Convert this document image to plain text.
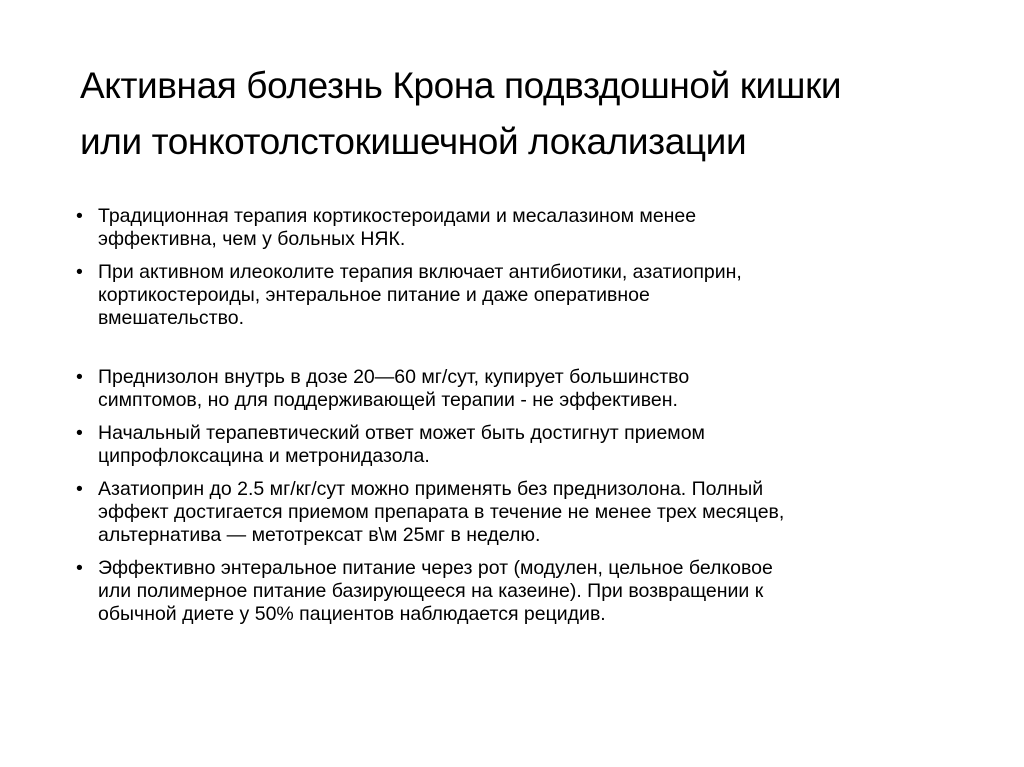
Активная болезнь Крона подвздошной кишки
или тонкотолстокишечной локализации
• Традиционная терапия кортикостероидами и месалазином менее
эффективна, чем у больных НЯК.
• При активном илеоколите терапия включает антибиотики, азатиоприн,
кортикостероиды, энтеральное питание и даже оперативное
вмешательство.
• Преднизолон внутрь в дозе 20—60 мг/сут, купирует большинство
симптомов, но для поддерживающей терапии - не эффективен.
• Начальный терапевтический ответ может быть достигнут приемом
ципрофлоксацина и метронидазола.
• Азатиоприн до 2.5 мг/кг/сут можно применять без преднизолона. Полный
эффект достигается приемом препарата в течение не менее трех месяцев,
альтернатива — метотрексат в\м 25мг в неделю.
• Эффективно энтеральное питание через рот (модулен, цельное белковое
или полимерное питание базирующееся на казеине). При возвращении к
обычной диете у 50% пациентов наблюдается рецидив.
